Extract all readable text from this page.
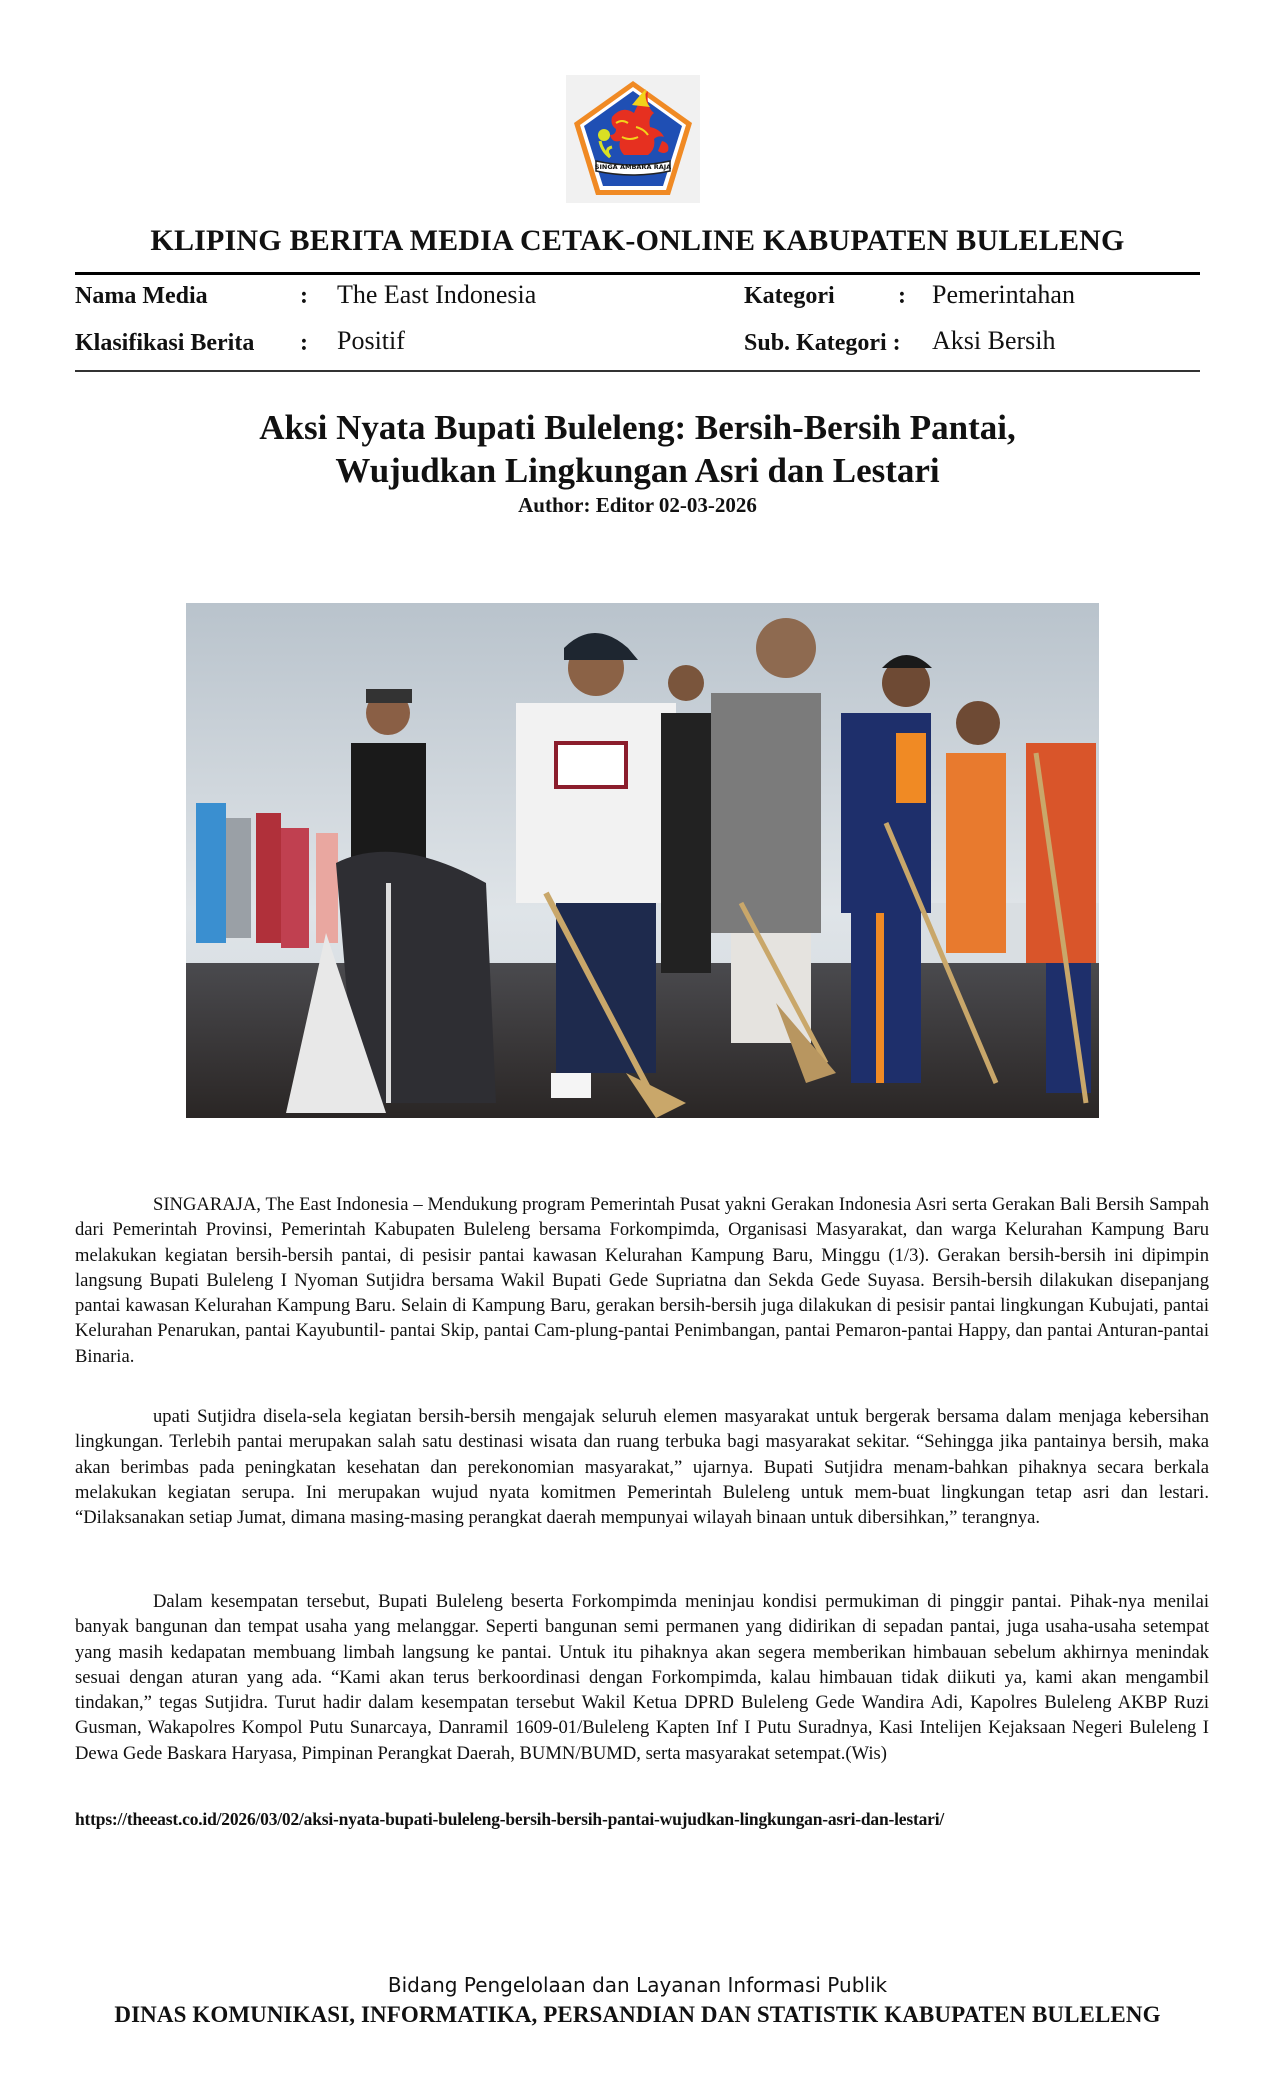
SINGA AMBARA RAJA
KLIPING BERITA MEDIA CETAK-ONLINE KABUPATEN BULELENG
Nama Media	: The East Indonesia
Klasifikasi Berita : Positif
Kategori	: Pemerintahan
Sub. Kategori : Aksi Bersih
Aksi Nyata Bupati Buleleng: Bersih-Bersih Pantai,
Wujudkan Lingkungan Asri dan Lestari
Author: Editor 02-03-2026

SINGARAJA, The East Indonesia – Mendukung program Pemerintah Pusat yakni Gerakan Indonesia Asri serta Gerakan Bali Bersih Sampah dari Pemerintah Provinsi, Pemerintah Kabupaten Buleleng bersama Forkompimda, Organisasi Masyarakat, dan warga Kelurahan Kampung Baru melakukan kegiatan bersih-bersih pantai, di pesisir pantai kawasan Kelurahan Kampung Baru, Minggu (1/3). Gerakan bersih-bersih ini dipimpin langsung Bupati Buleleng I Nyoman Sutjidra bersama Wakil Bupati Gede Supriatna dan Sekda Gede Suyasa. Bersih-bersih dilakukan disepanjang pantai kawasan Kelurahan Kampung Baru. Selain di Kampung Baru, gerakan bersih-bersih juga dilakukan di pesisir pantai lingkungan Kubujati, pantai Kelurahan Penarukan, pantai Kayubuntil- pantai Skip, pantai Cam-plung-pantai Penimbangan, pantai Pemaron-pantai Happy, dan pantai Anturan-pantai Binaria.

upati Sutjidra disela-sela kegiatan bersih-bersih mengajak seluruh elemen masyarakat untuk bergerak bersama dalam menjaga kebersihan lingkungan. Terlebih pantai merupakan salah satu destinasi wisata dan ruang terbuka bagi masyarakat sekitar. “Sehingga jika pantainya bersih, maka akan berimbas pada peningkatan kesehatan dan perekonomian masyarakat,” ujarnya. Bupati Sutjidra menam-bahkan pihaknya secara berkala melakukan kegiatan serupa. Ini merupakan wujud nyata komitmen Pemerintah Buleleng untuk mem-buat lingkungan tetap asri dan lestari. “Dilaksanakan setiap Jumat, dimana masing-masing perangkat daerah mempunyai wilayah binaan untuk dibersihkan,” terangnya.

Dalam kesempatan tersebut, Bupati Buleleng beserta Forkompimda meninjau kondisi permukiman di pinggir pantai. Pihak-nya menilai banyak bangunan dan tempat usaha yang melanggar. Seperti bangunan semi permanen yang didirikan di sepadan pantai, juga usaha-usaha setempat yang masih kedapatan membuang limbah langsung ke pantai. Untuk itu pihaknya akan segera memberikan himbauan sebelum akhirnya menindak sesuai dengan aturan yang ada. “Kami akan terus berkoordinasi dengan Forkompimda, kalau himbauan tidak diikuti ya, kami akan mengambil tindakan,” tegas Sutjidra. Turut hadir dalam kesempatan tersebut Wakil Ketua DPRD Buleleng Gede Wandira Adi, Kapolres Buleleng AKBP Ruzi Gusman, Wakapolres Kompol Putu Sunarcaya, Danramil 1609-01/Buleleng Kapten Inf I Putu Suradnya, Kasi Intelijen Kejaksaan Negeri Buleleng I Dewa Gede Baskara Haryasa, Pimpinan Perangkat Daerah, BUMN/BUMD, serta masyarakat setempat.(Wis)

https://theeast.co.id/2026/03/02/aksi-nyata-bupati-buleleng-bersih-bersih-pantai-wujudkan-lingkungan-asri-dan-lestari/
Bidang Pengelolaan dan Layanan Informasi Publik
DINAS KOMUNIKASI, INFORMATIKA, PERSANDIAN DAN STATISTIK KABUPATEN BULELENG
